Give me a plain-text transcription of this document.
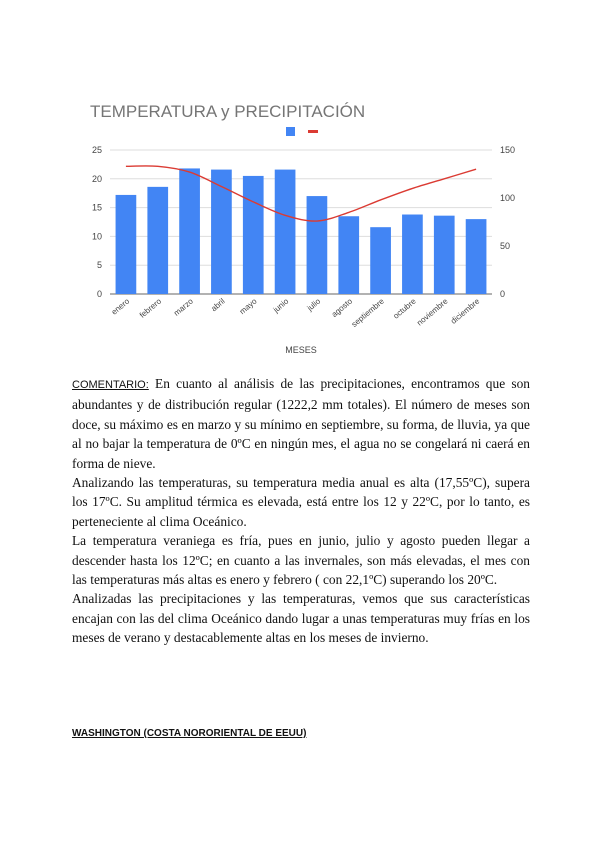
TEMPERATURA y PRECIPITACIÓN
0
5
10
15
20
25
0
50
100
150
enero febrero marzo abril mayo junio julio agosto
septiembre octubre
noviembre diciembre
MESES

COMENTARIO: En cuanto al análisis de las precipitaciones, encontramos que son abundantes y de distribución regular (1222,2 mm totales). El número de meses son doce, su máximo es en marzo y su mínimo en septiembre, su forma, de lluvia, ya que al no bajar la temperatura de 0ºC en ningún mes, el agua no se congelará ni caerá en forma de nieve.

Analizando las temperaturas, su temperatura media anual es alta (17,55ºC), supera los 17ºC. Su amplitud térmica es elevada, está entre los 12 y 22ºC, por lo tanto, es perteneciente al clima Oceánico.

La temperatura veraniega es fría, pues en junio, julio y agosto pueden llegar a descender hasta los 12ºC; en cuanto a las invernales, son más elevadas, el mes con las temperaturas más altas es enero y febrero ( con 22,1ºC) superando los 20ºC.

Analizadas las precipitaciones y las temperaturas, vemos que sus características encajan con las del clima Oceánico dando lugar a unas temperaturas muy frías en los meses de verano y destacablemente altas en los meses de invierno.

WASHINGTON (COSTA NORORIENTAL DE EEUU)
